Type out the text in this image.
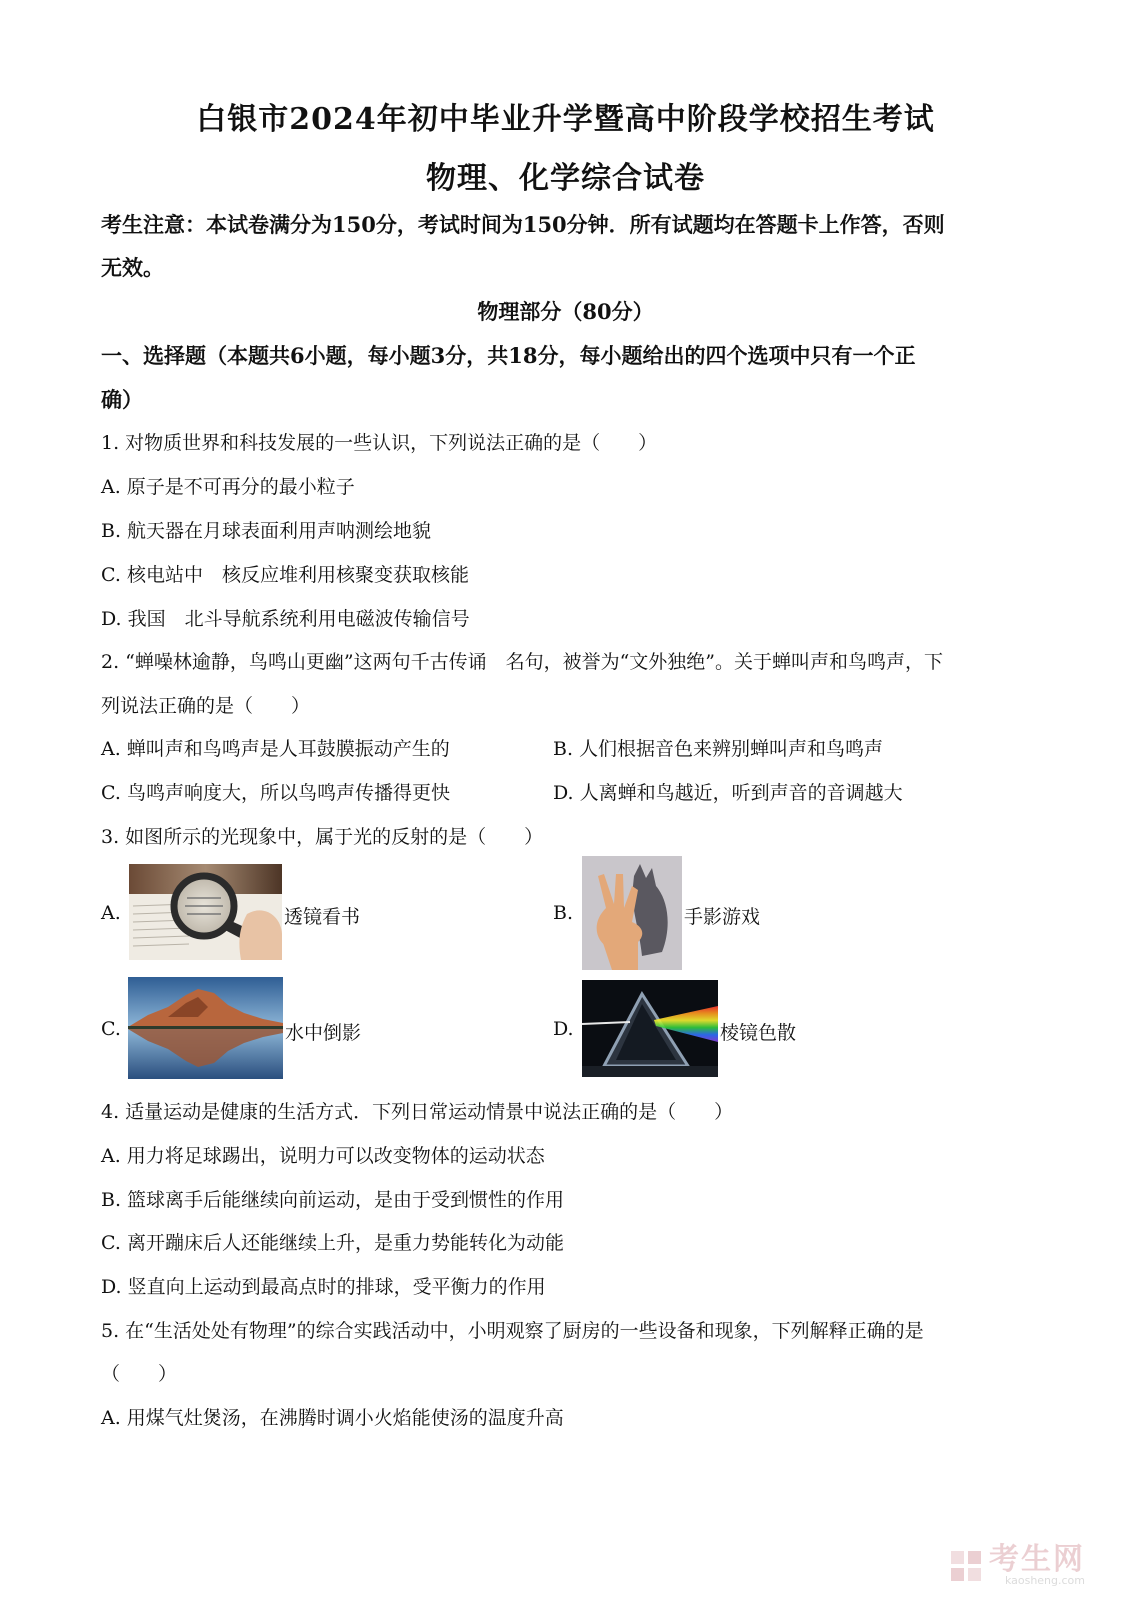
白银市2024年初中毕业升学暨高中阶段学校招生考试
物理、化学综合试卷
考生注意：本试卷满分为150分，考试时间为150分钟．所有试题均在答题卡上作答，否则
无效。
物理部分（80分）
一、选择题（本题共6小题，每小题3分，共18分，每小题给出的四个选项中只有一个正
确）
1. 对物质世界和科技发展的一些认识，下列说法正确的是（　　）
A. 原子是不可再分的最小粒子
B. 航天器在月球表面利用声呐测绘地貌
C. 核电站中　核反应堆利用核聚变获取核能
D. 我国　北斗导航系统利用电磁波传输信号
2. “蝉噪林逾静，鸟鸣山更幽”这两句千古传诵　名句，被誉为“文外独绝”。关于蝉叫声和鸟鸣声，下
列说法正确的是（　　）
A. 蝉叫声和鸟鸣声是人耳鼓膜振动产生的	B. 人们根据音色来辨别蝉叫声和鸟鸣声
C. 鸟鸣声响度大，所以鸟鸣声传播得更快	D. 人离蝉和鸟越近，听到声音的音调越大
3. 如图所示的光现象中，属于光的反射的是（　　）
A.	透镜看书	B.	手影游戏
C.	水中倒影	D.	棱镜色散
4. 适量运动是健康的生活方式．下列日常运动情景中说法正确的是（　　）
A. 用力将足球踢出，说明力可以改变物体的运动状态
B. 篮球离手后能继续向前运动，是由于受到惯性的作用
C. 离开蹦床后人还能继续上升，是重力势能转化为动能
D. 竖直向上运动到最高点时的排球，受平衡力的作用
5. 在“生活处处有物理”的综合实践活动中，小明观察了厨房的一些设备和现象，下列解释正确的是
（　　）
A. 用煤气灶煲汤，在沸腾时调小火焰能使汤的温度升高
考生网
kaosheng.com
